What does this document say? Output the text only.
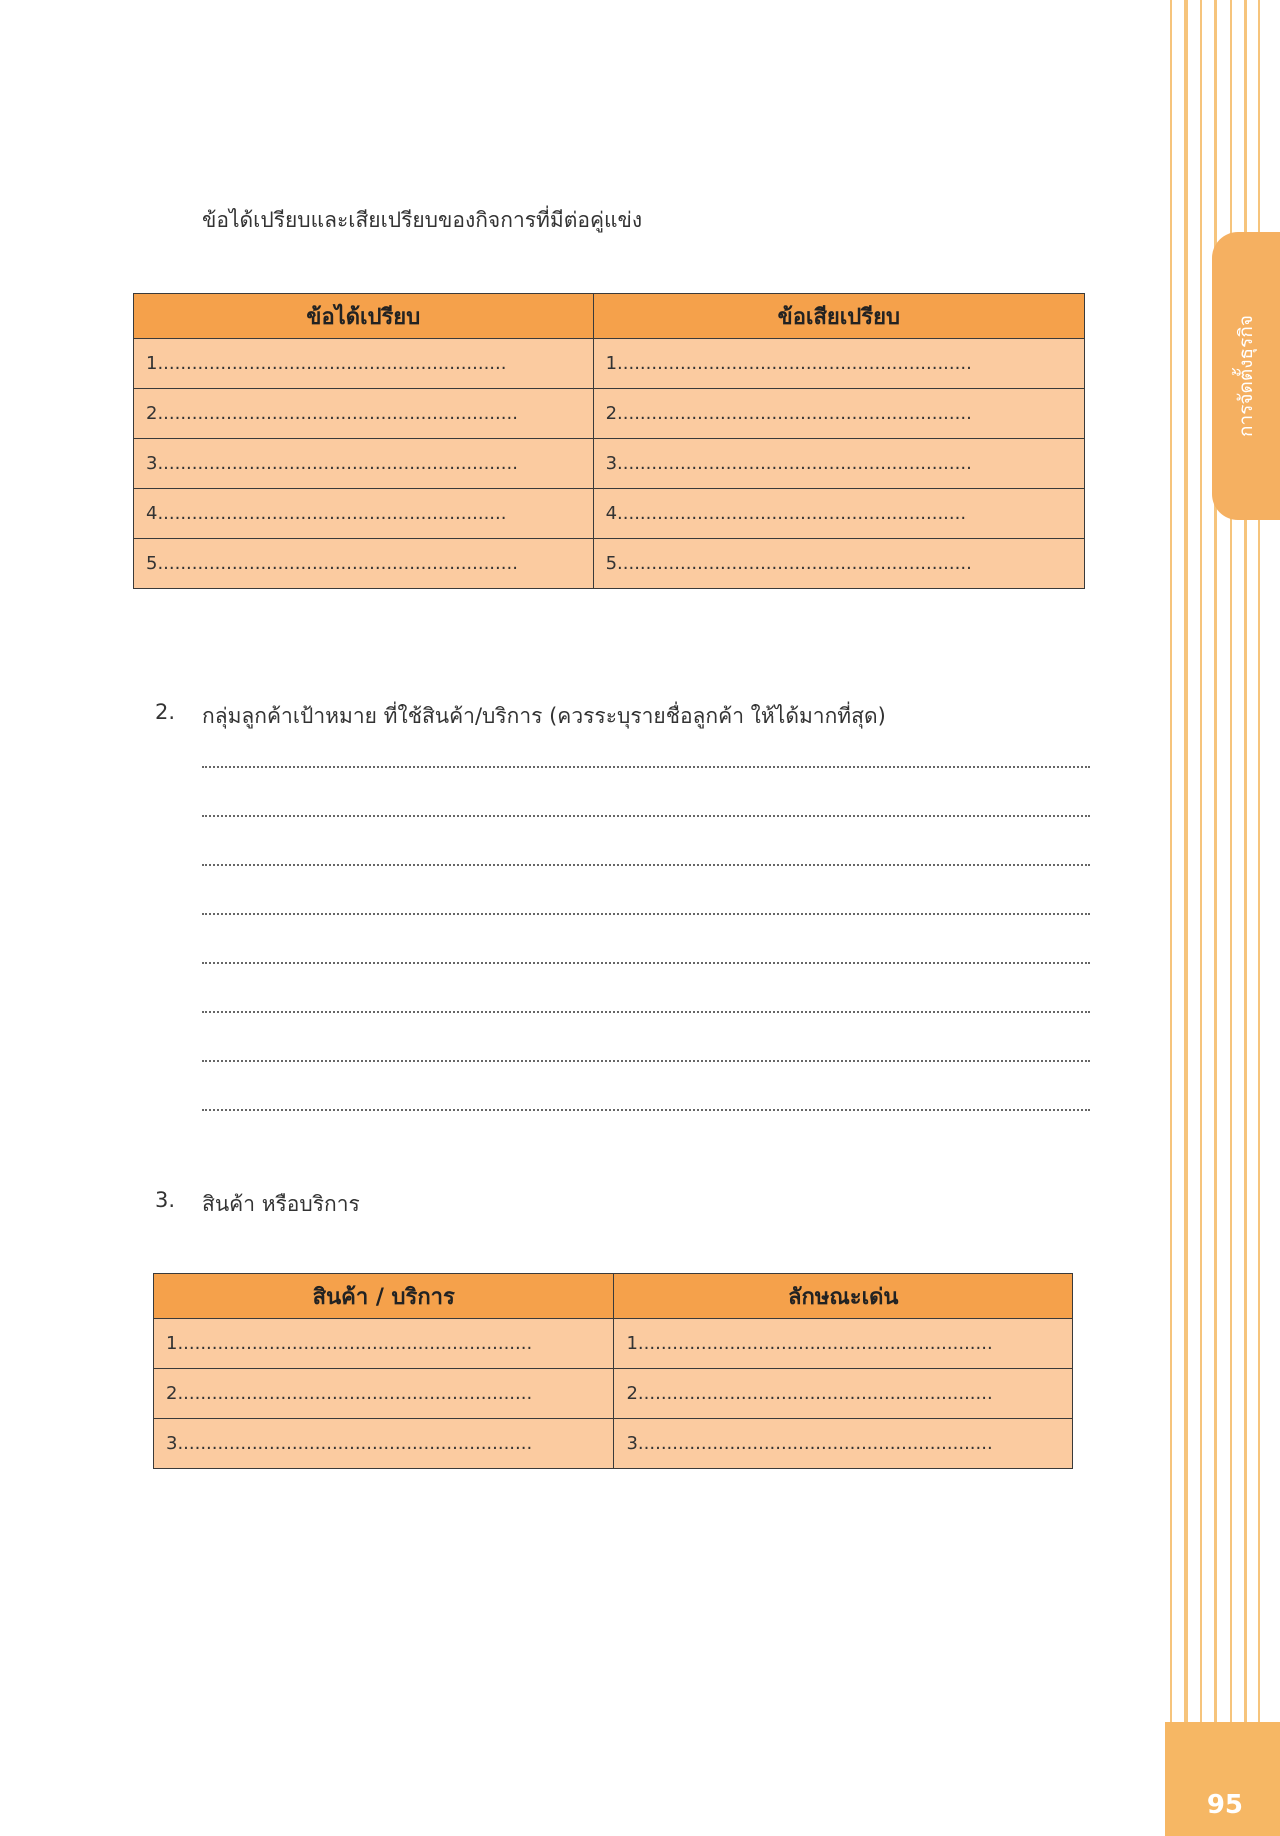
การจัดตั้งธุรกิจ
95
ข้อได้เปรียบและเสียเปรียบของกิจการที่มีต่อคู่แข่ง
ข้อได้เปรียบ	ข้อเสียเปรียบ
1.............................................................	1..............................................................
2...............................................................	2..............................................................
3...............................................................	3..............................................................
4.............................................................	4.............................................................
5...............................................................	5..............................................................
2. กลุ่มลูกค้าเป้าหมาย ที่ใช้สินค้า/บริการ (ควรระบุรายชื่อลูกค้า ให้ได้มากที่สุด)
3. สินค้า หรือบริการ
สินค้า / บริการ	ลักษณะเด่น
1..............................................................	1..............................................................
2..............................................................	2..............................................................
3..............................................................	3..............................................................
